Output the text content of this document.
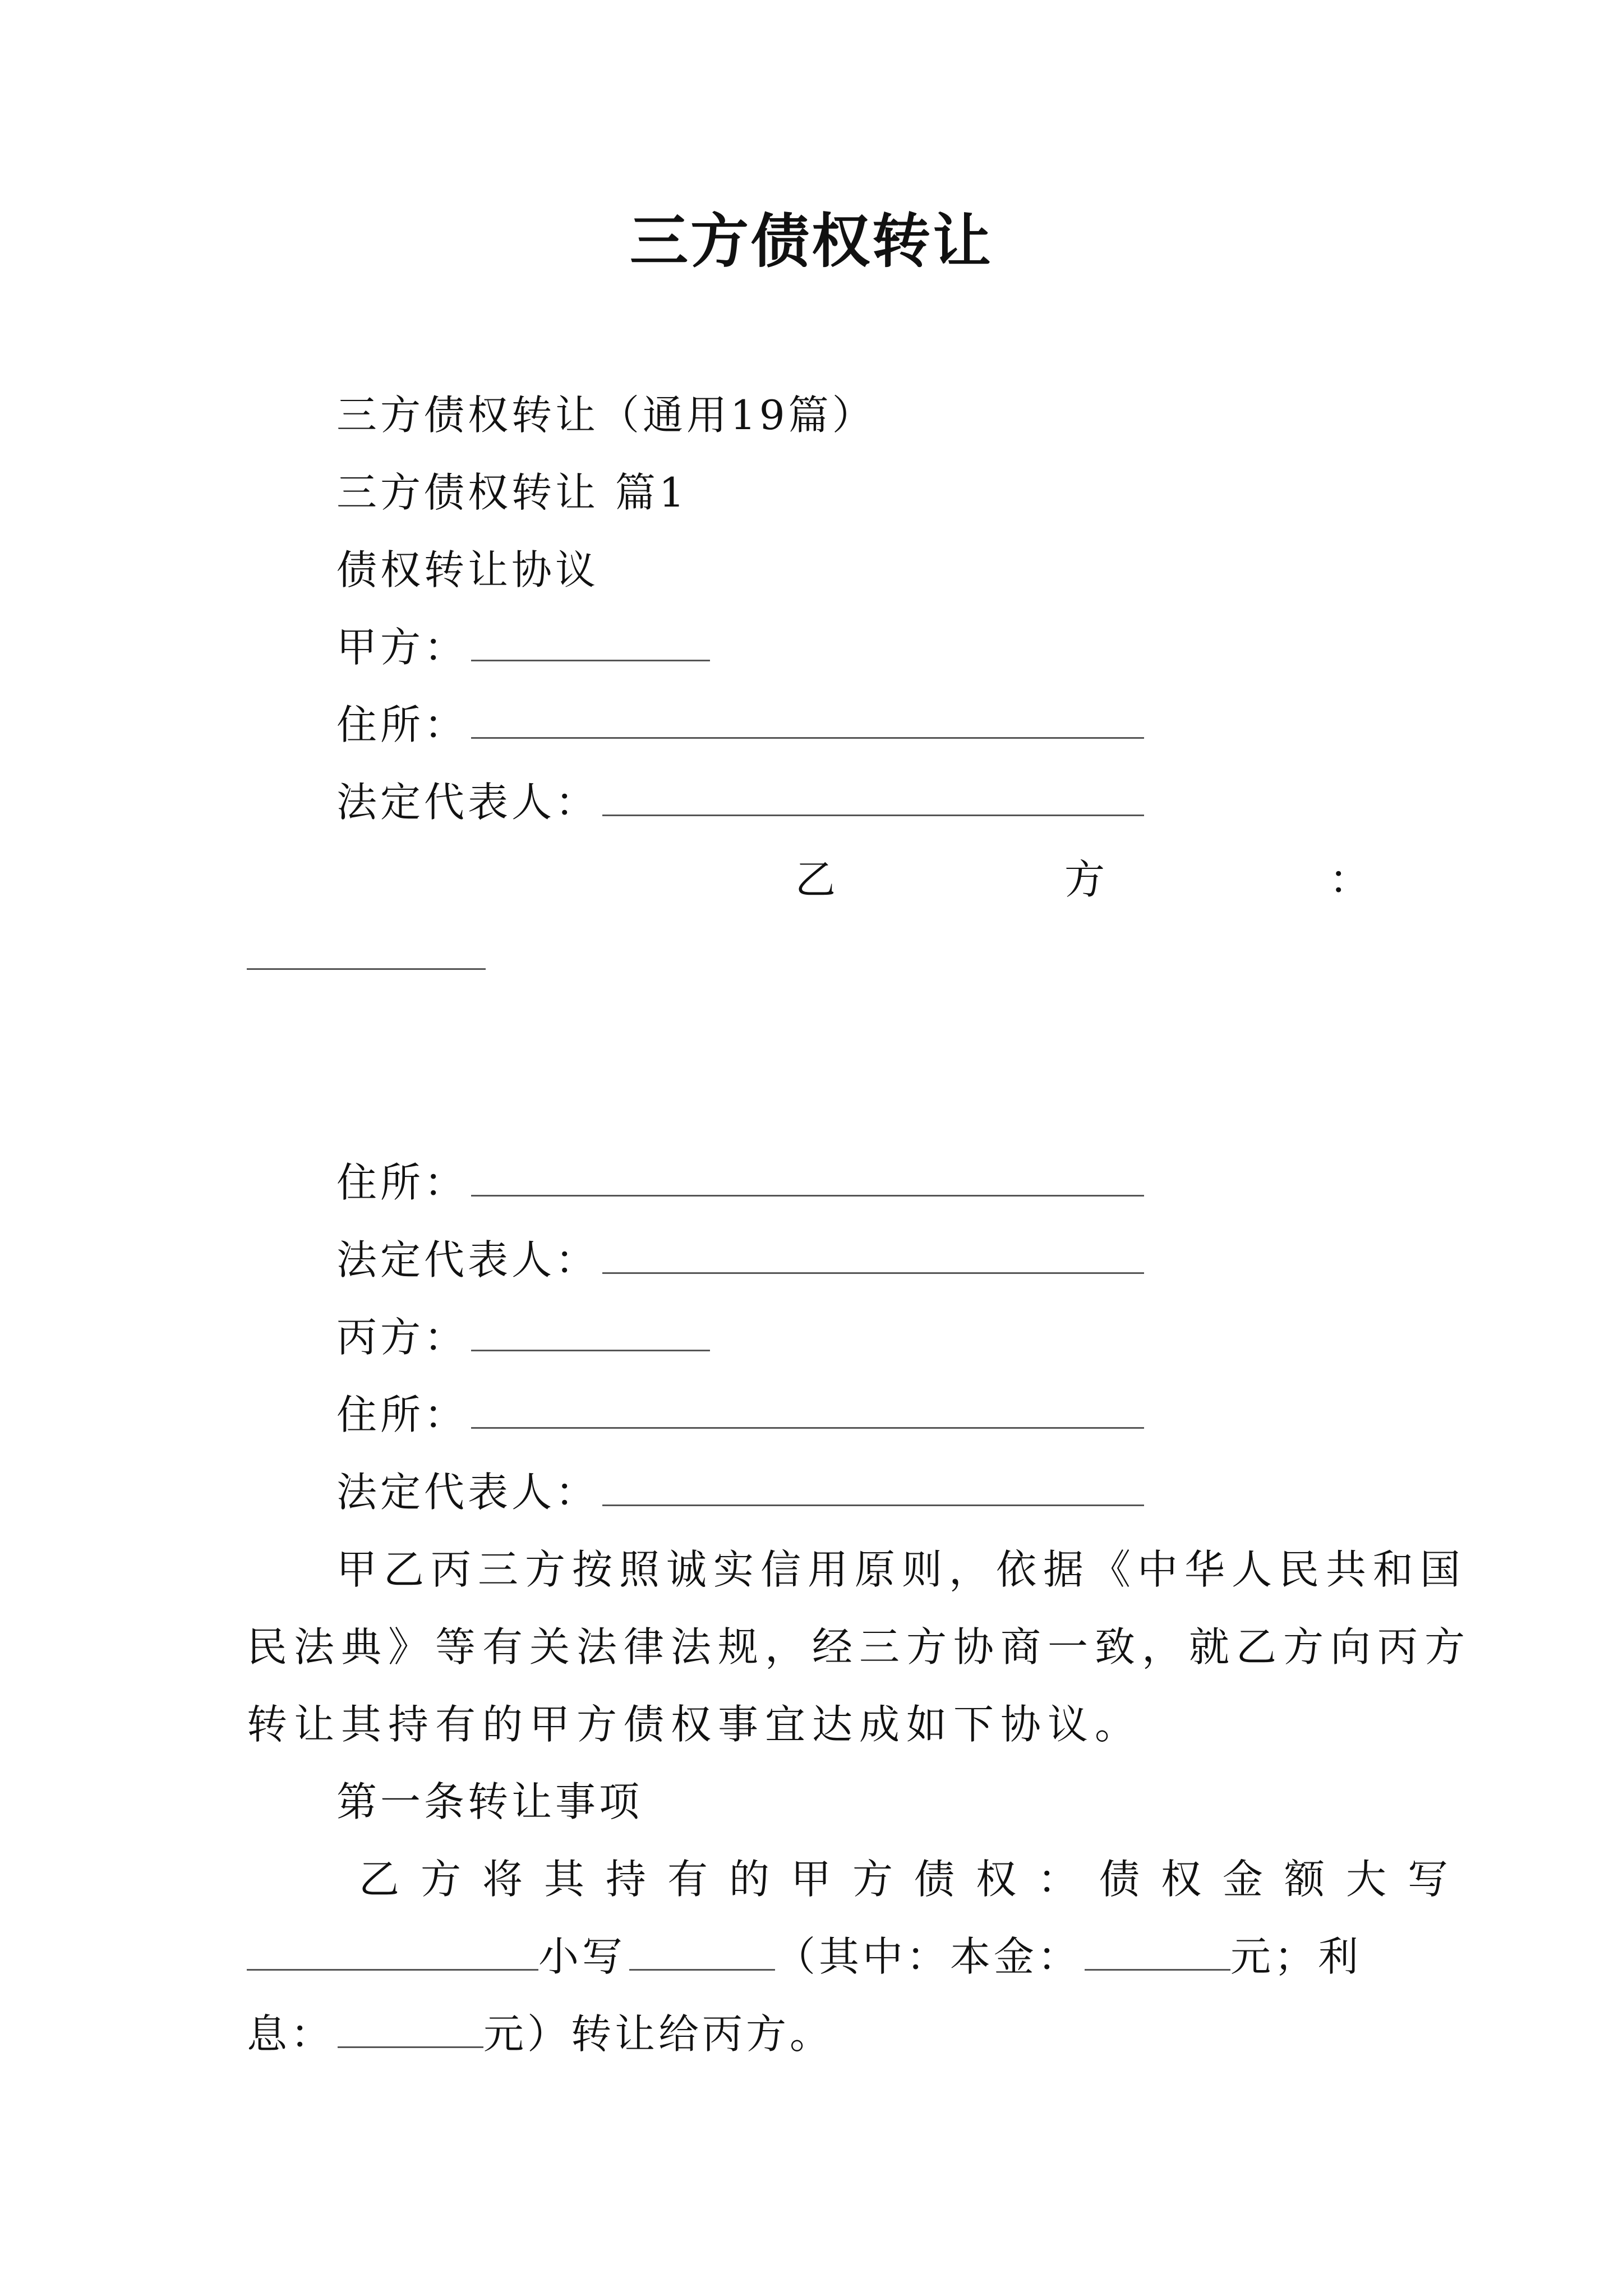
三方债权转让
三方债权转让（通用19篇）
三方债权转让 篇1
债权转让协议
甲方：
住所：
法定代表人：
乙	方	：
住所：
法定代表人：
丙方：
住所：
法定代表人：
甲乙丙三方按照诚实信用原则，依据《中华人民共和国
民法典》等有关法律法规，经三方协商一致，就乙方向丙方
转让其持有的甲方债权事宜达成如下协议。
第一条转让事项
乙方将其持有的甲方债权：债权金额大写
小写	（其中：本金：	元；利
息：	元）转让给丙方。
